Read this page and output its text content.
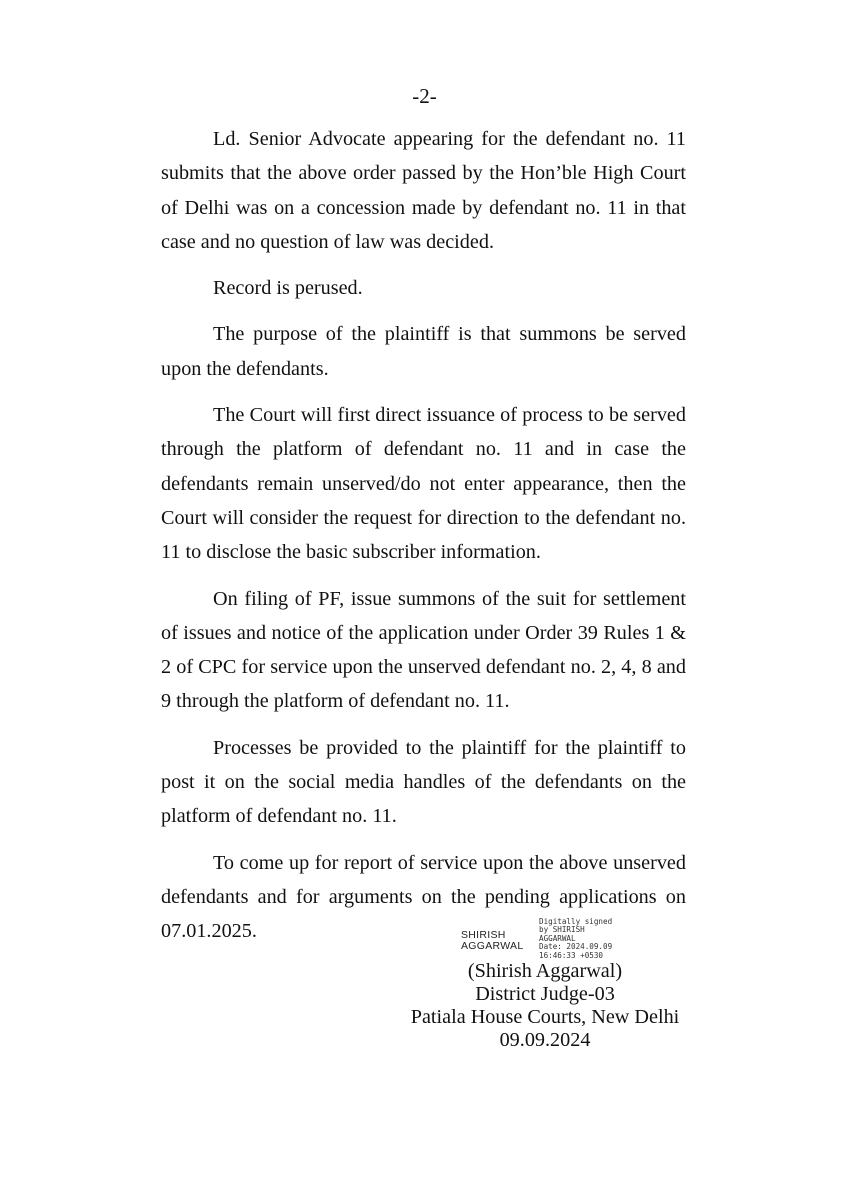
-2-

Ld. Senior Advocate appearing for the defendant no. 11 submits that the above order passed by the Hon’ble High Court of Delhi was on a concession made by defendant no. 11 in that case and no question of law was decided.

Record is perused.

The purpose of the plaintiff is that summons be served upon the defendants.

The Court will first direct issuance of process to be served through the platform of defendant no. 11 and in case the defendants remain unserved/do not enter appearance, then the Court will consider the request for direction to the defendant no. 11 to disclose the basic subscriber information.

On filing of PF, issue summons of the suit for settlement of issues and notice of the application under Order 39 Rules 1 & 2 of CPC for service upon the unserved defendant no. 2, 4, 8 and 9 through the platform of defendant no. 11.

Processes be provided to the plaintiff for the plaintiff to post it on the social media handles of the defendants on the platform of defendant no. 11.

To come up for report of service upon the above unserved defendants and for arguments on the pending applications on 07.01.2025.	SHIRISH
AGGARWAL
Digitally signed
by SHIRISH
AGGARWAL
Date: 2024.09.09
16:46:33 +0530
(Shirish Aggarwal)
District Judge-03
Patiala House Courts, New Delhi
09.09.2024
